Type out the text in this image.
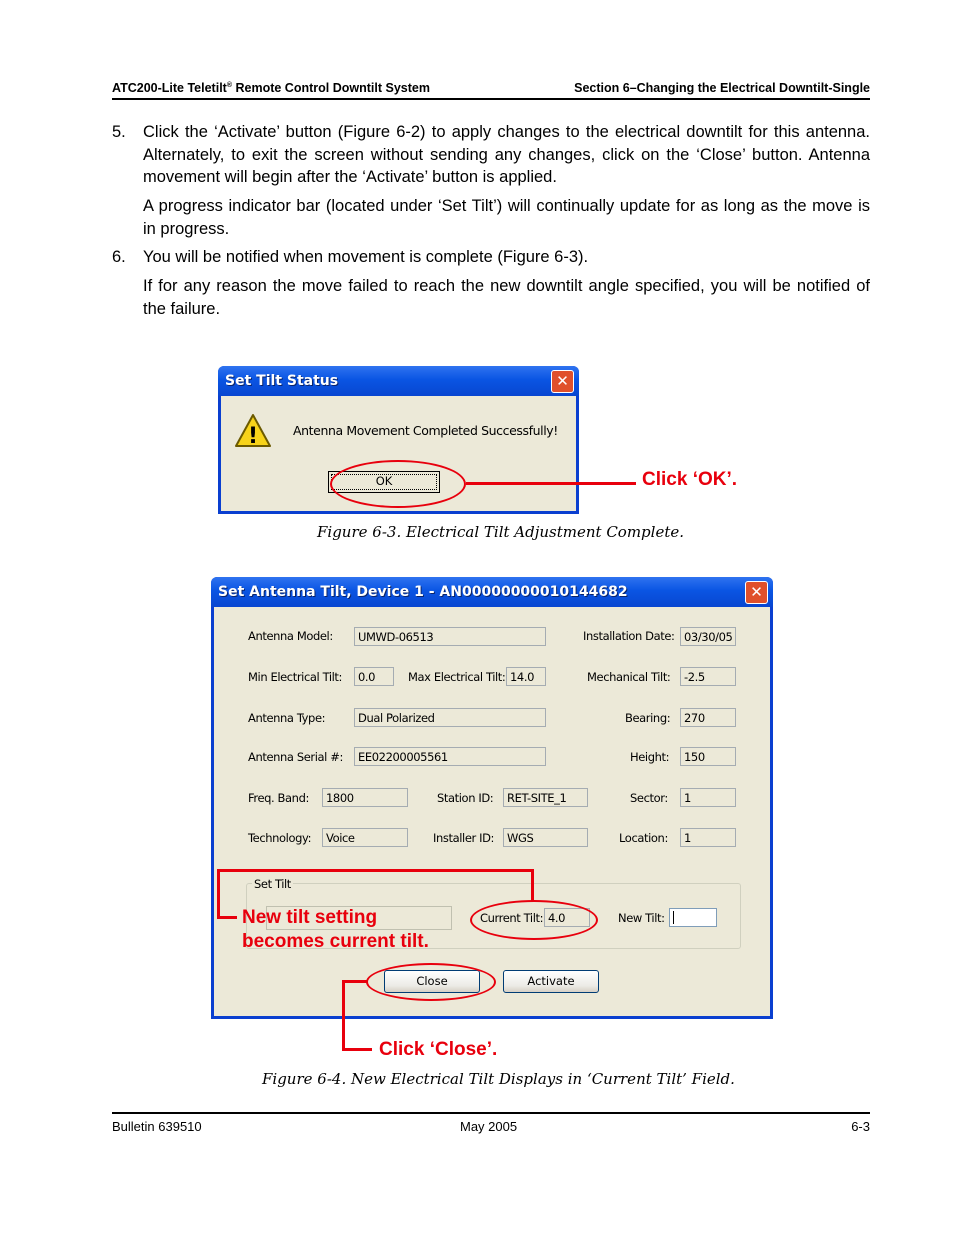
ATC200-Lite Teletilt® Remote Control Downtilt System	Section 6–Changing the Electrical Downtilt-Single
5. Click the ‘Activate’ button (Figure 6-2) to apply changes to the electrical downtilt for this antenna. Alternately, to exit the screen without sending any changes, click on the ‘Close’ button. Antenna movement will begin after the ‘Activate’ button is applied.
A progress indicator bar (located under ‘Set Tilt’) will continually update for as long as the move is in progress.
6. You will be notified when movement is complete (Figure 6-3).
If for any reason the move failed to reach the new downtilt angle specified, you will be notified of the failure.
Set Tilt Status	✕
!	Antenna Movement Completed Successfully!
OK	Click ‘OK’.
Figure 6-3. Electrical Tilt Adjustment Complete.
Set Antenna Tilt, Device 1 - AN00000000010144682	✕
Antenna Model:	UMWD-06513	Installation Date: 03/30/05
Min Electrical Tilt:	0.0	Max Electrical Tilt: 14.0	Mechanical Tilt:	-2.5
Antenna Type:	Dual Polarized	Bearing:	270
Antenna Serial #:	EE02200005561	Height:	150
Freq. Band:	1800	Station ID:	RET-SITE_1	Sector:	1
Technology:	Voice	Installer ID:	WGS	Location:	1
Set Tilt
Current Tilt: 4.0	New Tilt:
Close	Activate
New tilt setting
becomes current tilt.
Click ‘Close’.
Figure 6-4. New Electrical Tilt Displays in ‘Current Tilt’ Field.
Bulletin 639510	May 2005	6-3
